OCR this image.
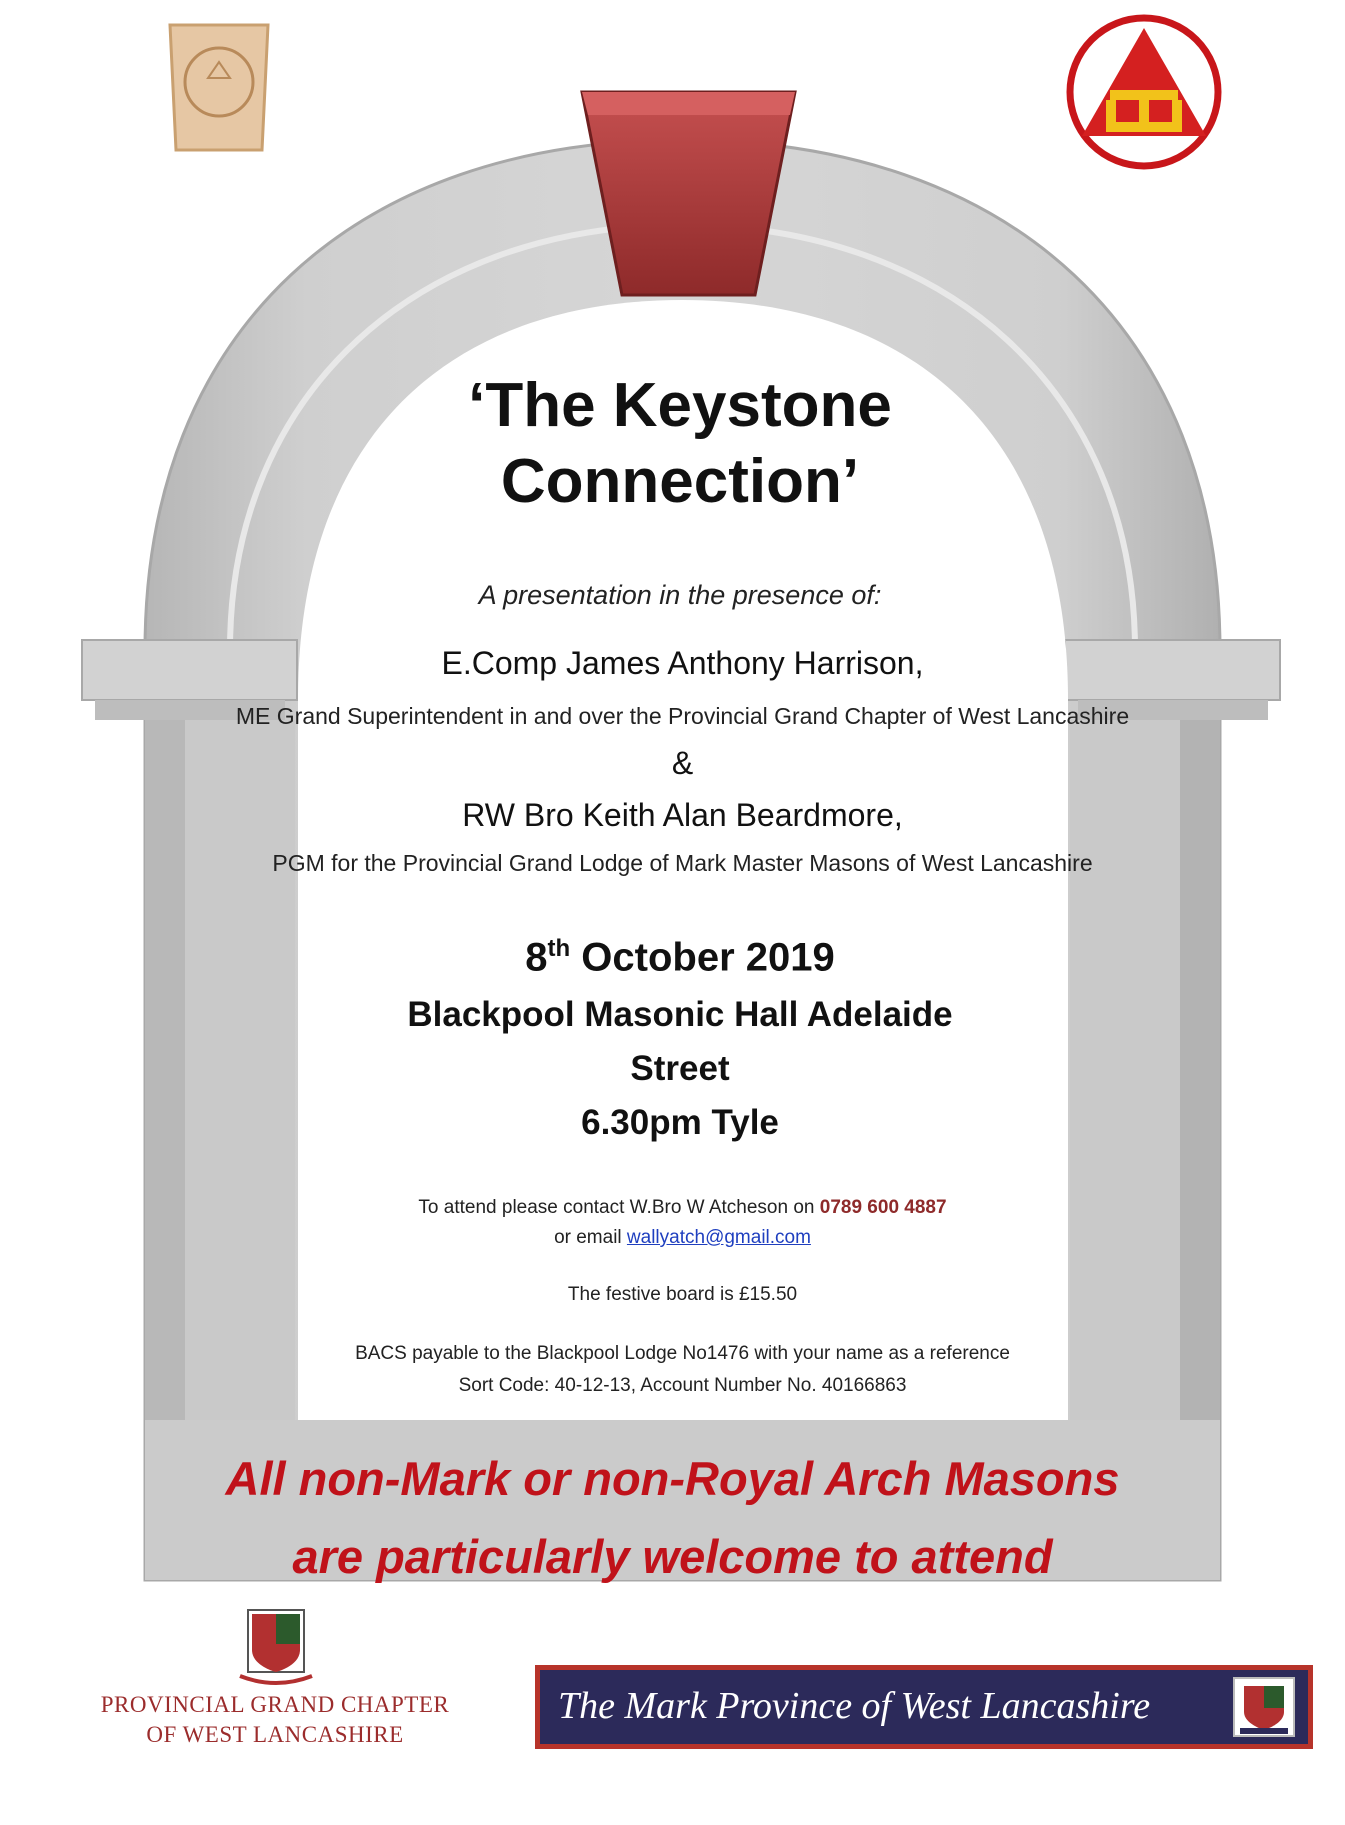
‘The Keystone
Connection’
A presentation in the presence of:
E.Comp James Anthony Harrison,
ME Grand Superintendent in and over the Provincial Grand Chapter of West Lancashire
&
RW Bro Keith Alan Beardmore,
PGM for the Provincial Grand Lodge of Mark Master Masons of West Lancashire
8th October 2019
Blackpool Masonic Hall Adelaide
Street
6.30pm Tyle
To attend please contact W.Bro W Atcheson on 0789 600 4887
or email wallyatch@gmail.com
The festive board is £15.50
BACS payable to the Blackpool Lodge No1476 with your name as a reference
Sort Code: 40-12-13, Account Number No. 40166863
All non-Mark or non-Royal Arch Masons
are particularly welcome to attend
PROVINCIAL GRAND CHAPTER
OF WEST LANCASHIRE
The Mark Province of West Lancashire
